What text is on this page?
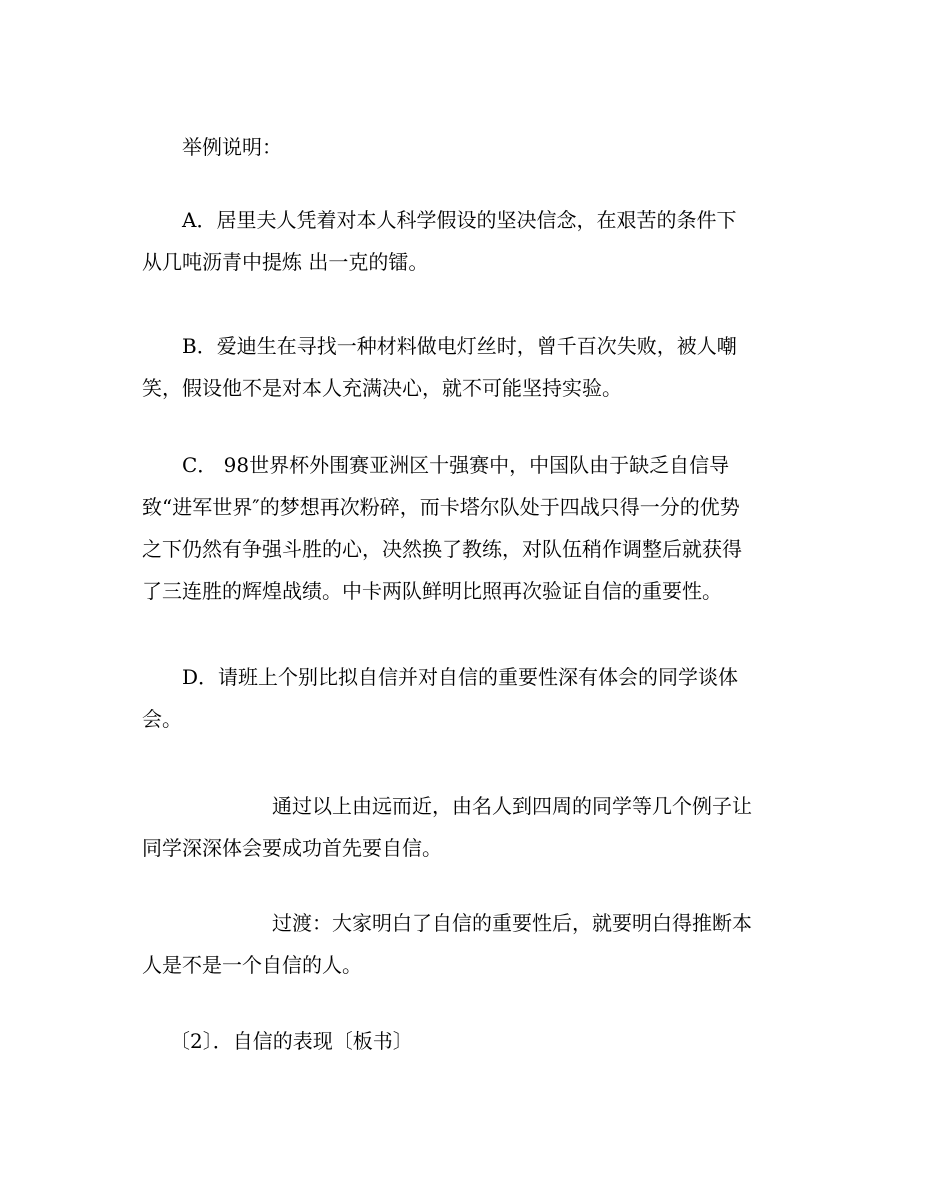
举例说明：

A．居里夫人凭着对本人科学假设的坚决信念，在艰苦的条件下
从几吨沥青中提炼 出一克的镭。

B．爱迪生在寻找一种材料做电灯丝时，曾千百次失败，被人嘲
笑，假设他不是对本人充满决心，就不可能坚持实验。

C． 98世界杯外围赛亚洲区十强赛中，中国队由于缺乏自信导
致“进军世界″的梦想再次粉碎，而卡塔尔队处于四战只得一分的优势
之下仍然有争强斗胜的心，决然换了教练，对队伍稍作调整后就获得
了三连胜的辉煌战绩。中卡两队鲜明比照再次验证自信的重要性。

D．请班上个别比拟自信并对自信的重要性深有体会的同学谈体
会。

通过以上由远而近，由名人到四周的同学等几个例子让
同学深深体会要成功首先要自信。

过渡：大家明白了自信的重要性后，就要明白得推断本
人是不是一个自信的人。

〔2〕．自信的表现〔板书〕
